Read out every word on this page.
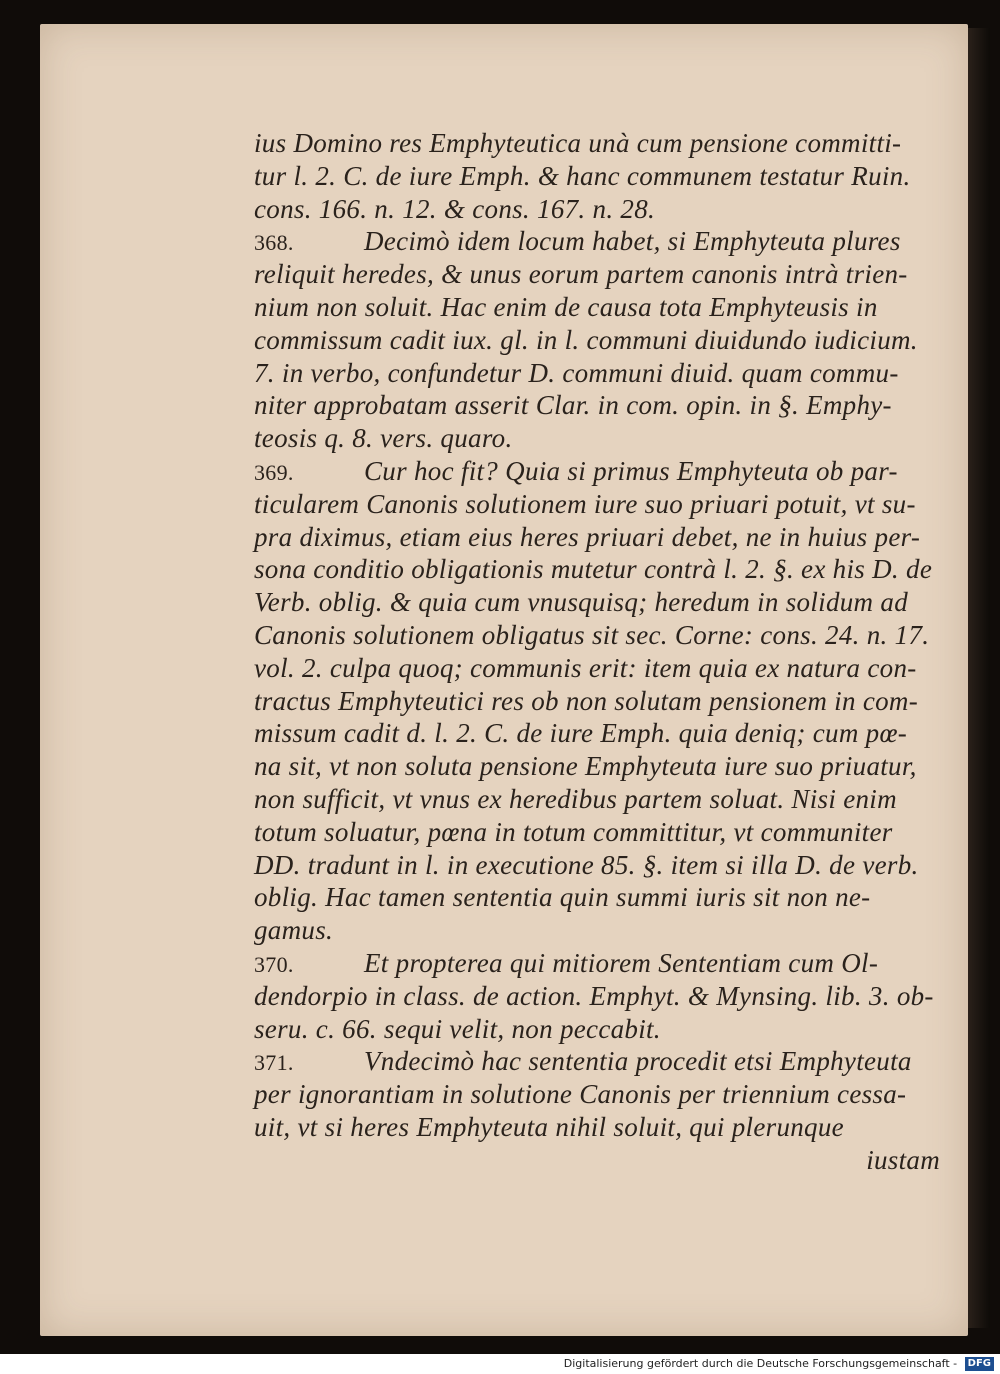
ius Domino res Emphyteutica unà cum pensione committi-
tur l. 2. C. de iure Emph. & hanc communem testatur Ruin.
cons. 166. n. 12. & cons. 167. n. 28.
368.	Decimò idem locum habet, si Emphyteuta plures
reliquit heredes, & unus eorum partem canonis intrà trien-
nium non soluit. Hac enim de causa tota Emphyteusis in
commissum cadit iux. gl. in l. communi diuidundo iudicium.
7. in verbo, confundetur D. communi diuid. quam commu-
niter approbatam asserit Clar. in com. opin. in §. Emphy-
teosis q. 8. vers. quaro.
369.	Cur hoc fit? Quia si primus Emphyteuta ob par-
ticularem Canonis solutionem iure suo priuari potuit, vt su-
pra diximus, etiam eius heres priuari debet, ne in huius per-
sona conditio obligationis mutetur contrà l. 2. §. ex his D. de
Verb. oblig. & quia cum vnusquisq; heredum in solidum ad
Canonis solutionem obligatus sit sec. Corne: cons. 24. n. 17.
vol. 2. culpa quoq; communis erit: item quia ex natura con-
tractus Emphyteutici res ob non solutam pensionem in com-
missum cadit d. l. 2. C. de iure Emph. quia deniq; cum pœ-
na sit, vt non soluta pensione Emphyteuta iure suo priuatur,
non sufficit, vt vnus ex heredibus partem soluat. Nisi enim
totum soluatur, pœna in totum committitur, vt communiter
DD. tradunt in l. in executione 85. §. item si illa D. de verb.
oblig. Hac tamen sententia quin summi iuris sit non ne-
gamus.
370.	Et propterea qui mitiorem Sententiam cum Ol-
dendorpio in class. de action. Emphyt. & Mynsing. lib. 3. ob-
seru. c. 66. sequi velit, non peccabit.
371.	Vndecimò hac sententia procedit etsi Emphyteuta
per ignorantiam in solutione Canonis per triennium cessa-
uit, vt si heres Emphyteuta nihil soluit, qui plerunque
iustam
Digitalisierung gefördert durch die Deutsche Forschungsgemeinschaft - DFG
